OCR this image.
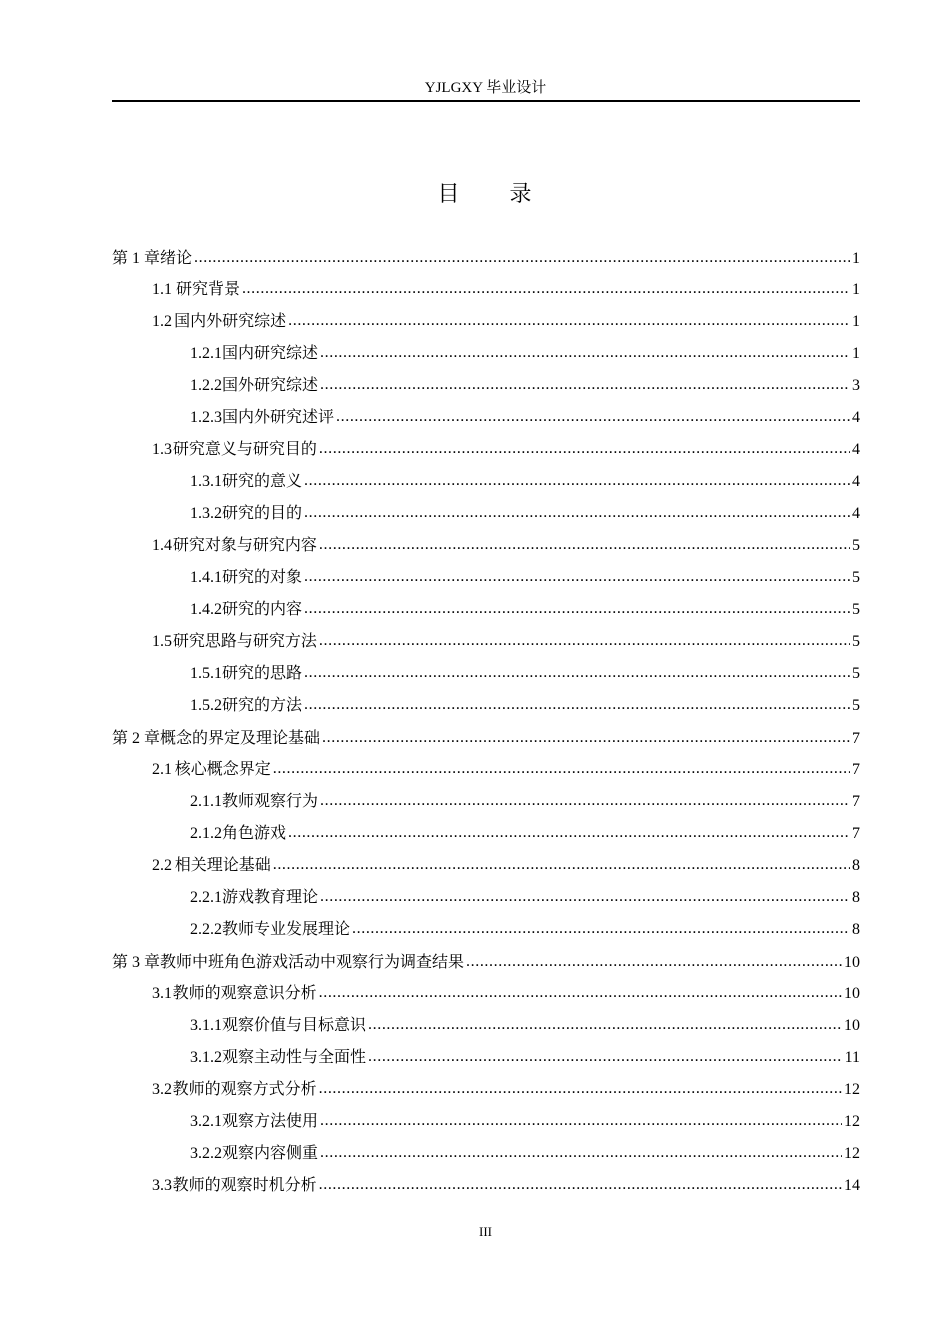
YJLGXY 毕业设计
目 录
第 1 章 绪论 .....	1
1.1 研究背景 .....	1
1.2 国内外研究综述 .....	1
1.2.1 国内研究综述 .....	1
1.2.2 国外研究综述 .....	3
1.2.3 国内外研究述评 .....	4
1.3 研究意义与研究目的 .....	4
1.3.1 研究的意义 .....	4
1.3.2 研究的目的 .....	4
1.4 研究对象与研究内容 .....	5
1.4.1 研究的对象 .....	5
1.4.2 研究的内容 .....	5
1.5 研究思路与研究方法 .....	5
1.5.1 研究的思路 .....	5
1.5.2 研究的方法 .....	5
第 2 章 概念的界定及理论基础 .....	7
2.1 核心概念界定 .....	7
2.1.1 教师观察行为 .....	7
2.1.2 角色游戏 .....	7
2.2 相关理论基础 .....	8
2.2.1 游戏教育理论 .....	8
2.2.2 教师专业发展理论 .....	8
第 3 章 教师中班角色游戏活动中观察行为调查结果 .....	10
3.1 教师的观察意识分析 .....	10
3.1.1 观察价值与目标意识 .....	10
3.1.2 观察主动性与全面性 .....	11
3.2 教师的观察方式分析 .....	12
3.2.1 观察方法使用 .....	12
3.2.2 观察内容侧重 .....	12
3.3 教师的观察时机分析 .....	14
III
